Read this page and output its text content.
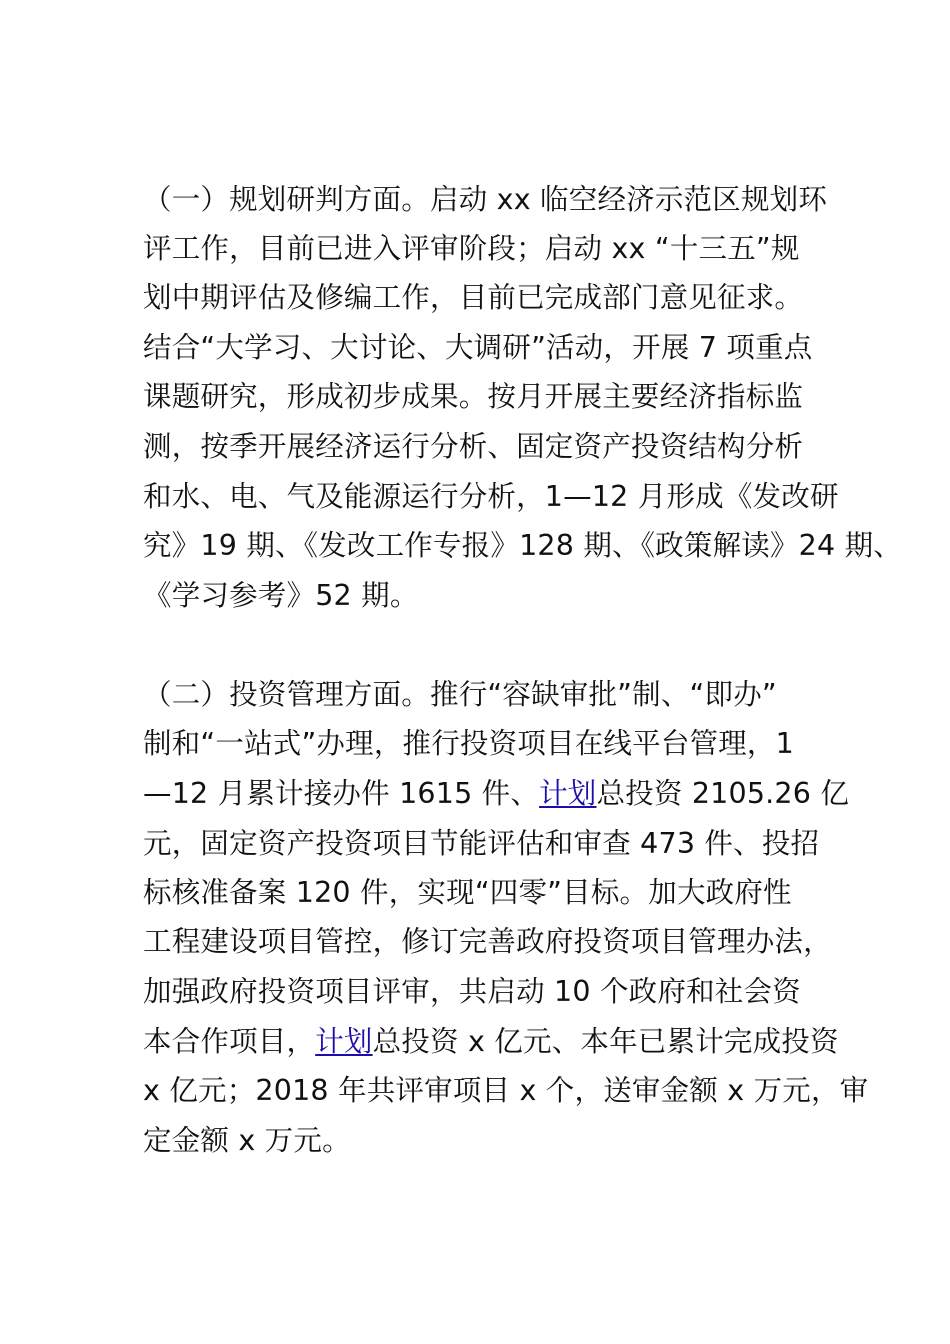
（一）规划研判方面。启动 xx 临空经济示范区规划环
评工作，目前已进入评审阶段；启动 xx “十三五”规
划中期评估及修编工作，目前已完成部门意见征求。
结合“大学习、大讨论、大调研”活动，开展 7 项重点
课题研究，形成初步成果。按月开展主要经济指标监
测，按季开展经济运行分析、固定资产投资结构分析
和水、电、气及能源运行分析，1—12 月形成《发改研
究》19 期、《发改工作专报》128 期、《政策解读》24 期、
《学习参考》52 期。
（二）投资管理方面。推行“容缺审批”制、“即办”
制和“一站式”办理，推行投资项目在线平台管理，1
—12 月累计接办件 1615 件、计划总投资 2105.26 亿
元，固定资产投资项目节能评估和审查 473 件、投招
标核准备案 120 件，实现“四零”目标。加大政府性
工程建设项目管控，修订完善政府投资项目管理办法，
加强政府投资项目评审，共启动 10 个政府和社会资
本合作项目，计划总投资 x 亿元、本年已累计完成投资
x 亿元；2018 年共评审项目 x 个，送审金额 x 万元，审
定金额 x 万元。
